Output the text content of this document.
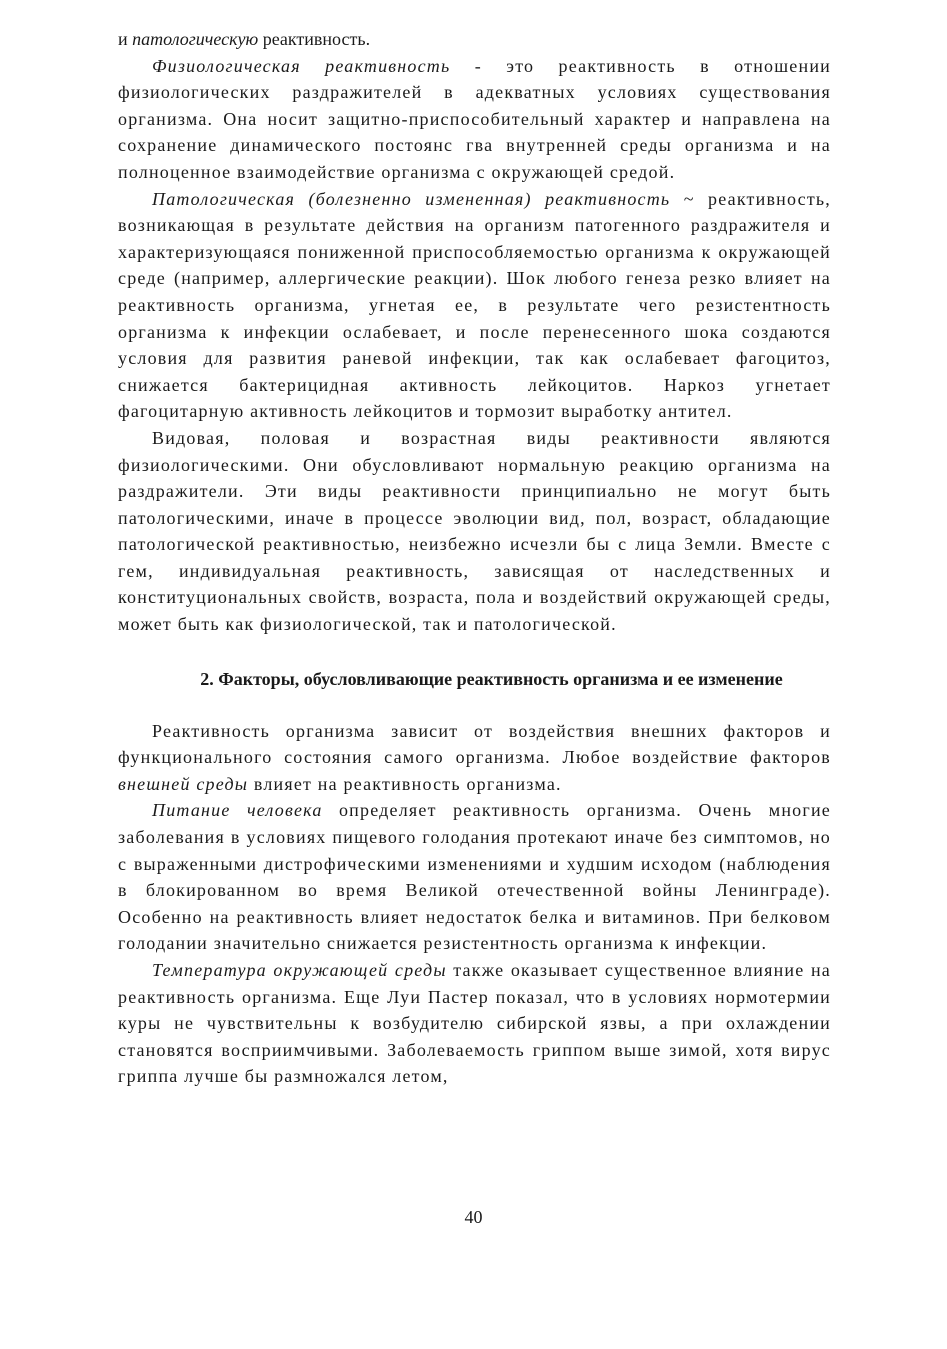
и патологическую реактивность.

Физиологическая реактивность - это реактивность в отношении физиологических раздражителей в адекватных условиях существования организма. Она носит защитно-приспособительный характер и направлена на сохранение динамического постоянс гва внутренней среды организма и на полноценное взаимодействие организма с окружающей средой.

Патологическая (болезненно измененная) реактивность ~ реактивность, возникающая в результате действия на организм патогенного раздражителя и характеризующаяся пониженной приспособляемостью организма к окружающей среде (например, аллергические реакции). Шок любого генеза резко влияет на реактивность организма, угнетая ее, в результате чего резистентность организма к инфекции ослабевает, и после перенесенного шока создаются условия для развития раневой инфекции, так как ослабевает фагоцитоз, снижается бактерицидная активность лейкоцитов. Наркоз угнетает фагоцитарную активность лейкоцитов и тормозит выработку антител.

Видовая, половая и возрастная виды реактивности являются физиологическими. Они обусловливают нормальную реакцию организма на раздражители. Эти виды реактивности принципиально не могут быть патологическими, иначе в процессе эволюции вид, пол, возраст, обладающие патологической реактивностью, неизбежно исчезли бы с лица Земли. Вместе с гем, индивидуальная реактивность, зависящая от наследственных и конституциональных свойств, возраста, пола и воздействий окружающей среды, может быть как физиологической, так и патологической.

2. Факторы, обусловливающие реактивность организма и ее изменение

Реактивность организма зависит от воздействия внешних факторов и функционального состояния самого организма. Любое воздействие факторов внешней среды влияет на реактивность организма.

Питание человека определяет реактивность организма. Очень многие заболевания в условиях пищевого голодания протекают иначе без симптомов, но с выраженными дистрофическими изменениями и худшим исходом (наблюдения в блокированном во время Великой отечественной войны Ленинграде). Особенно на реактивность влияет недостаток белка и витаминов. При белковом голодании значительно снижается резистентность организма к инфекции.

Температура окружающей среды также оказывает существенное влияние на реактивность организма. Еще Луи Пастер показал, что в условиях нормотермии куры не чувствительны к возбудителю сибирской язвы, а при охлаждении становятся восприимчивыми. Заболеваемость гриппом выше зимой, хотя вирус гриппа лучше бы размножался летом,

40
